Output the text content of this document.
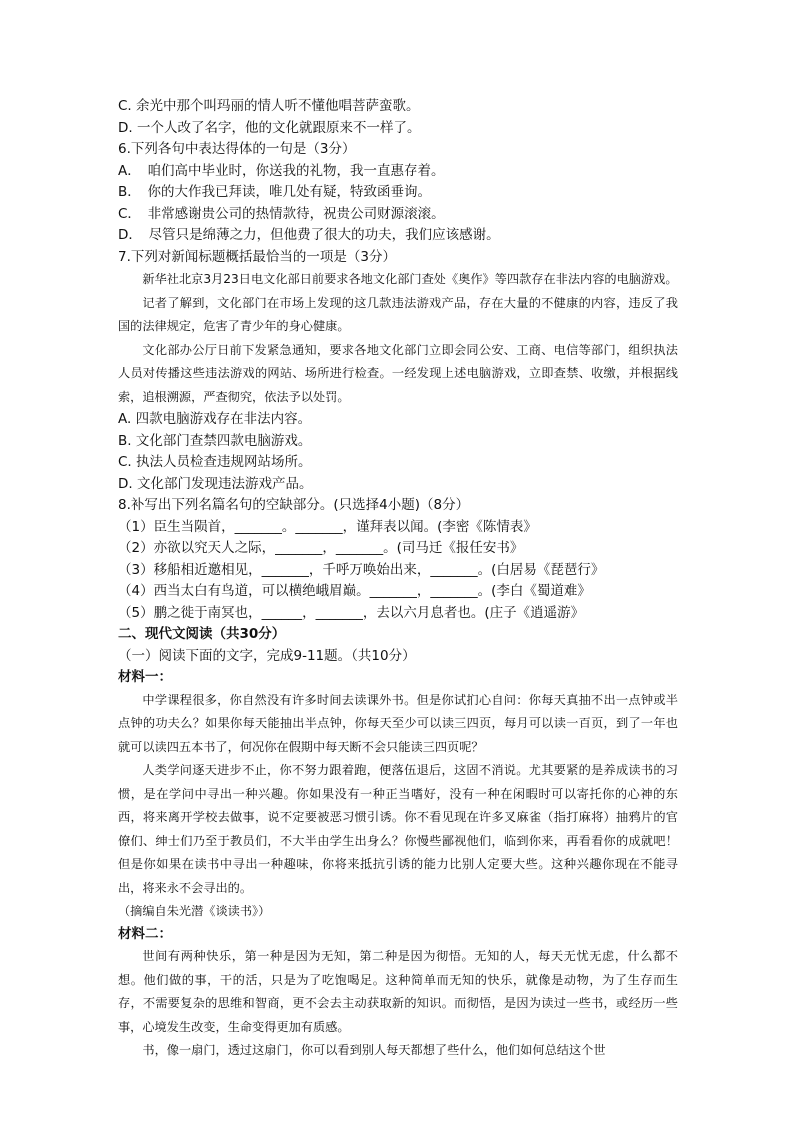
C. 余光中那个叫玛丽的情人听不懂他唱菩萨蛮歌。
D. 一个人改了名字，他的文化就跟原来不一样了。
6.下列各句中表达得体的一句是（3分）
A．　咱们高中毕业时，你送我的礼物，我一直惠存着。
B．　你的大作我已拜读，唯几处有疑，特致函垂询。
C．　非常感谢贵公司的热情款待，祝贵公司财源滚滚。
D．　尽管只是绵薄之力，但他费了很大的功夫，我们应该感谢。
7.下列对新闻标题概括最恰当的一项是（3分）
新华社北京3月23日电文化部日前要求各地文化部门查处《奥作》等四款存在非法内容的电脑游戏。
记者了解到，文化部门在市场上发现的这几款违法游戏产品，存在大量的不健康的内容，违反了我国的法律规定，危害了青少年的身心健康。
文化部办公厅日前下发紧急通知，要求各地文化部门立即会同公安、工商、电信等部门，组织执法人员对传播这些违法游戏的网站、场所进行检查。一经发现上述电脑游戏，立即查禁、收缴，并根据线索，追根溯源，严查彻究，依法予以处罚。
A. 四款电脑游戏存在非法内容。
B. 文化部门查禁四款电脑游戏。
C. 执法人员检查违规网站场所。
D. 文化部门发现违法游戏产品。
8.补写出下列名篇名句的空缺部分。(只选择4小题)（8分）
（1）臣生当陨首，_______。_______，谨拜表以闻。(李密《陈情表》
（2）亦欲以究天人之际，_______，_______。(司马迁《报任安书》
（3）移船相近邀相见，_______，千呼万唤始出来，_______。(白居易《琵琶行》
（4）西当太白有鸟道，可以横绝峨眉巅。_______，_______。(李白《蜀道难》
（5）鹏之徙于南冥也，______，_______，去以六月息者也。(庄子《逍遥游》
二、现代文阅读（共30分）
（一）阅读下面的文字，完成9-11题。（共10分）
材料一：
中学课程很多，你自然没有许多时间去读课外书。但是你试扪心自问：你每天真抽不出一点钟或半点钟的功夫么？如果你每天能抽出半点钟，你每天至少可以读三四页，每月可以读一百页，到了一年也就可以读四五本书了，何况你在假期中每天断不会只能读三四页呢？
人类学问逐天进步不止，你不努力跟着跑，便落伍退后，这固不消说。尤其要紧的是养成读书的习惯，是在学问中寻出一种兴趣。你如果没有一种正当嗜好，没有一种在闲暇时可以寄托你的心神的东西，将来离开学校去做事，说不定要被恶习惯引诱。你不看见现在许多叉麻雀（指打麻将）抽鸦片的官僚们、绅士们乃至于教员们，不大半由学生出身么？你慢些鄙视他们，临到你来，再看看你的成就吧！但是你如果在读书中寻出一种趣味，你将来抵抗引诱的能力比别人定要大些。这种兴趣你现在不能寻出，将来永不会寻出的。
（摘编自朱光潜《谈读书》）
材料二：
世间有两种快乐，第一种是因为无知，第二种是因为彻悟。无知的人，每天无忧无虑，什么都不想。他们做的事，干的活，只是为了吃饱喝足。这种简单而无知的快乐，就像是动物，为了生存而生存，不需要复杂的思维和智商，更不会去主动获取新的知识。而彻悟，是因为读过一些书，或经历一些事，心境发生改变，生命变得更加有质感。
书，像一扇门，透过这扇门，你可以看到别人每天都想了些什么，他们如何总结这个世
